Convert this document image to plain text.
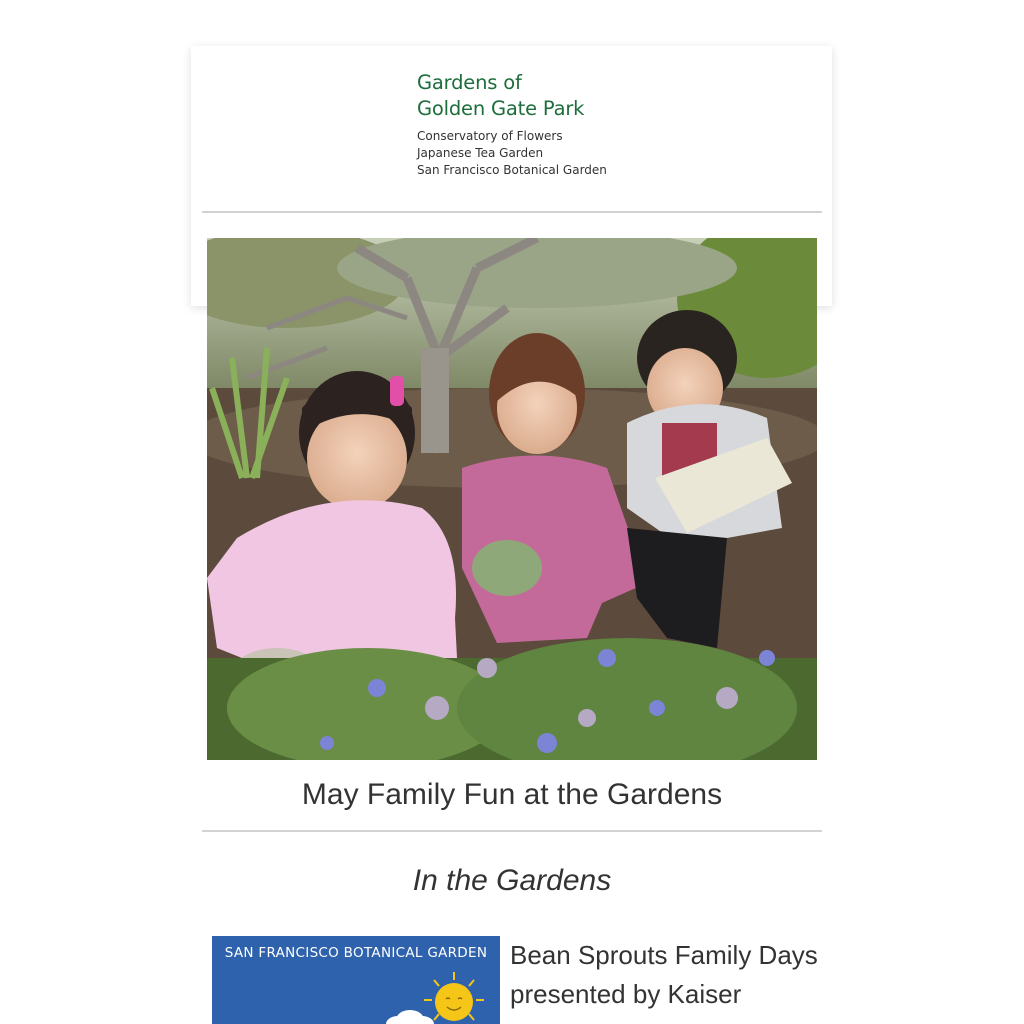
Gardens of
Golden Gate Park
Conservatory of Flowers
Japanese Tea Garden
San Francisco Botanical Garden
May Family Fun at the Gardens
In the Gardens
SAN FRANCISCO BOTANICAL GARDEN Bean Sprouts Family Days
presented by Kaiser
